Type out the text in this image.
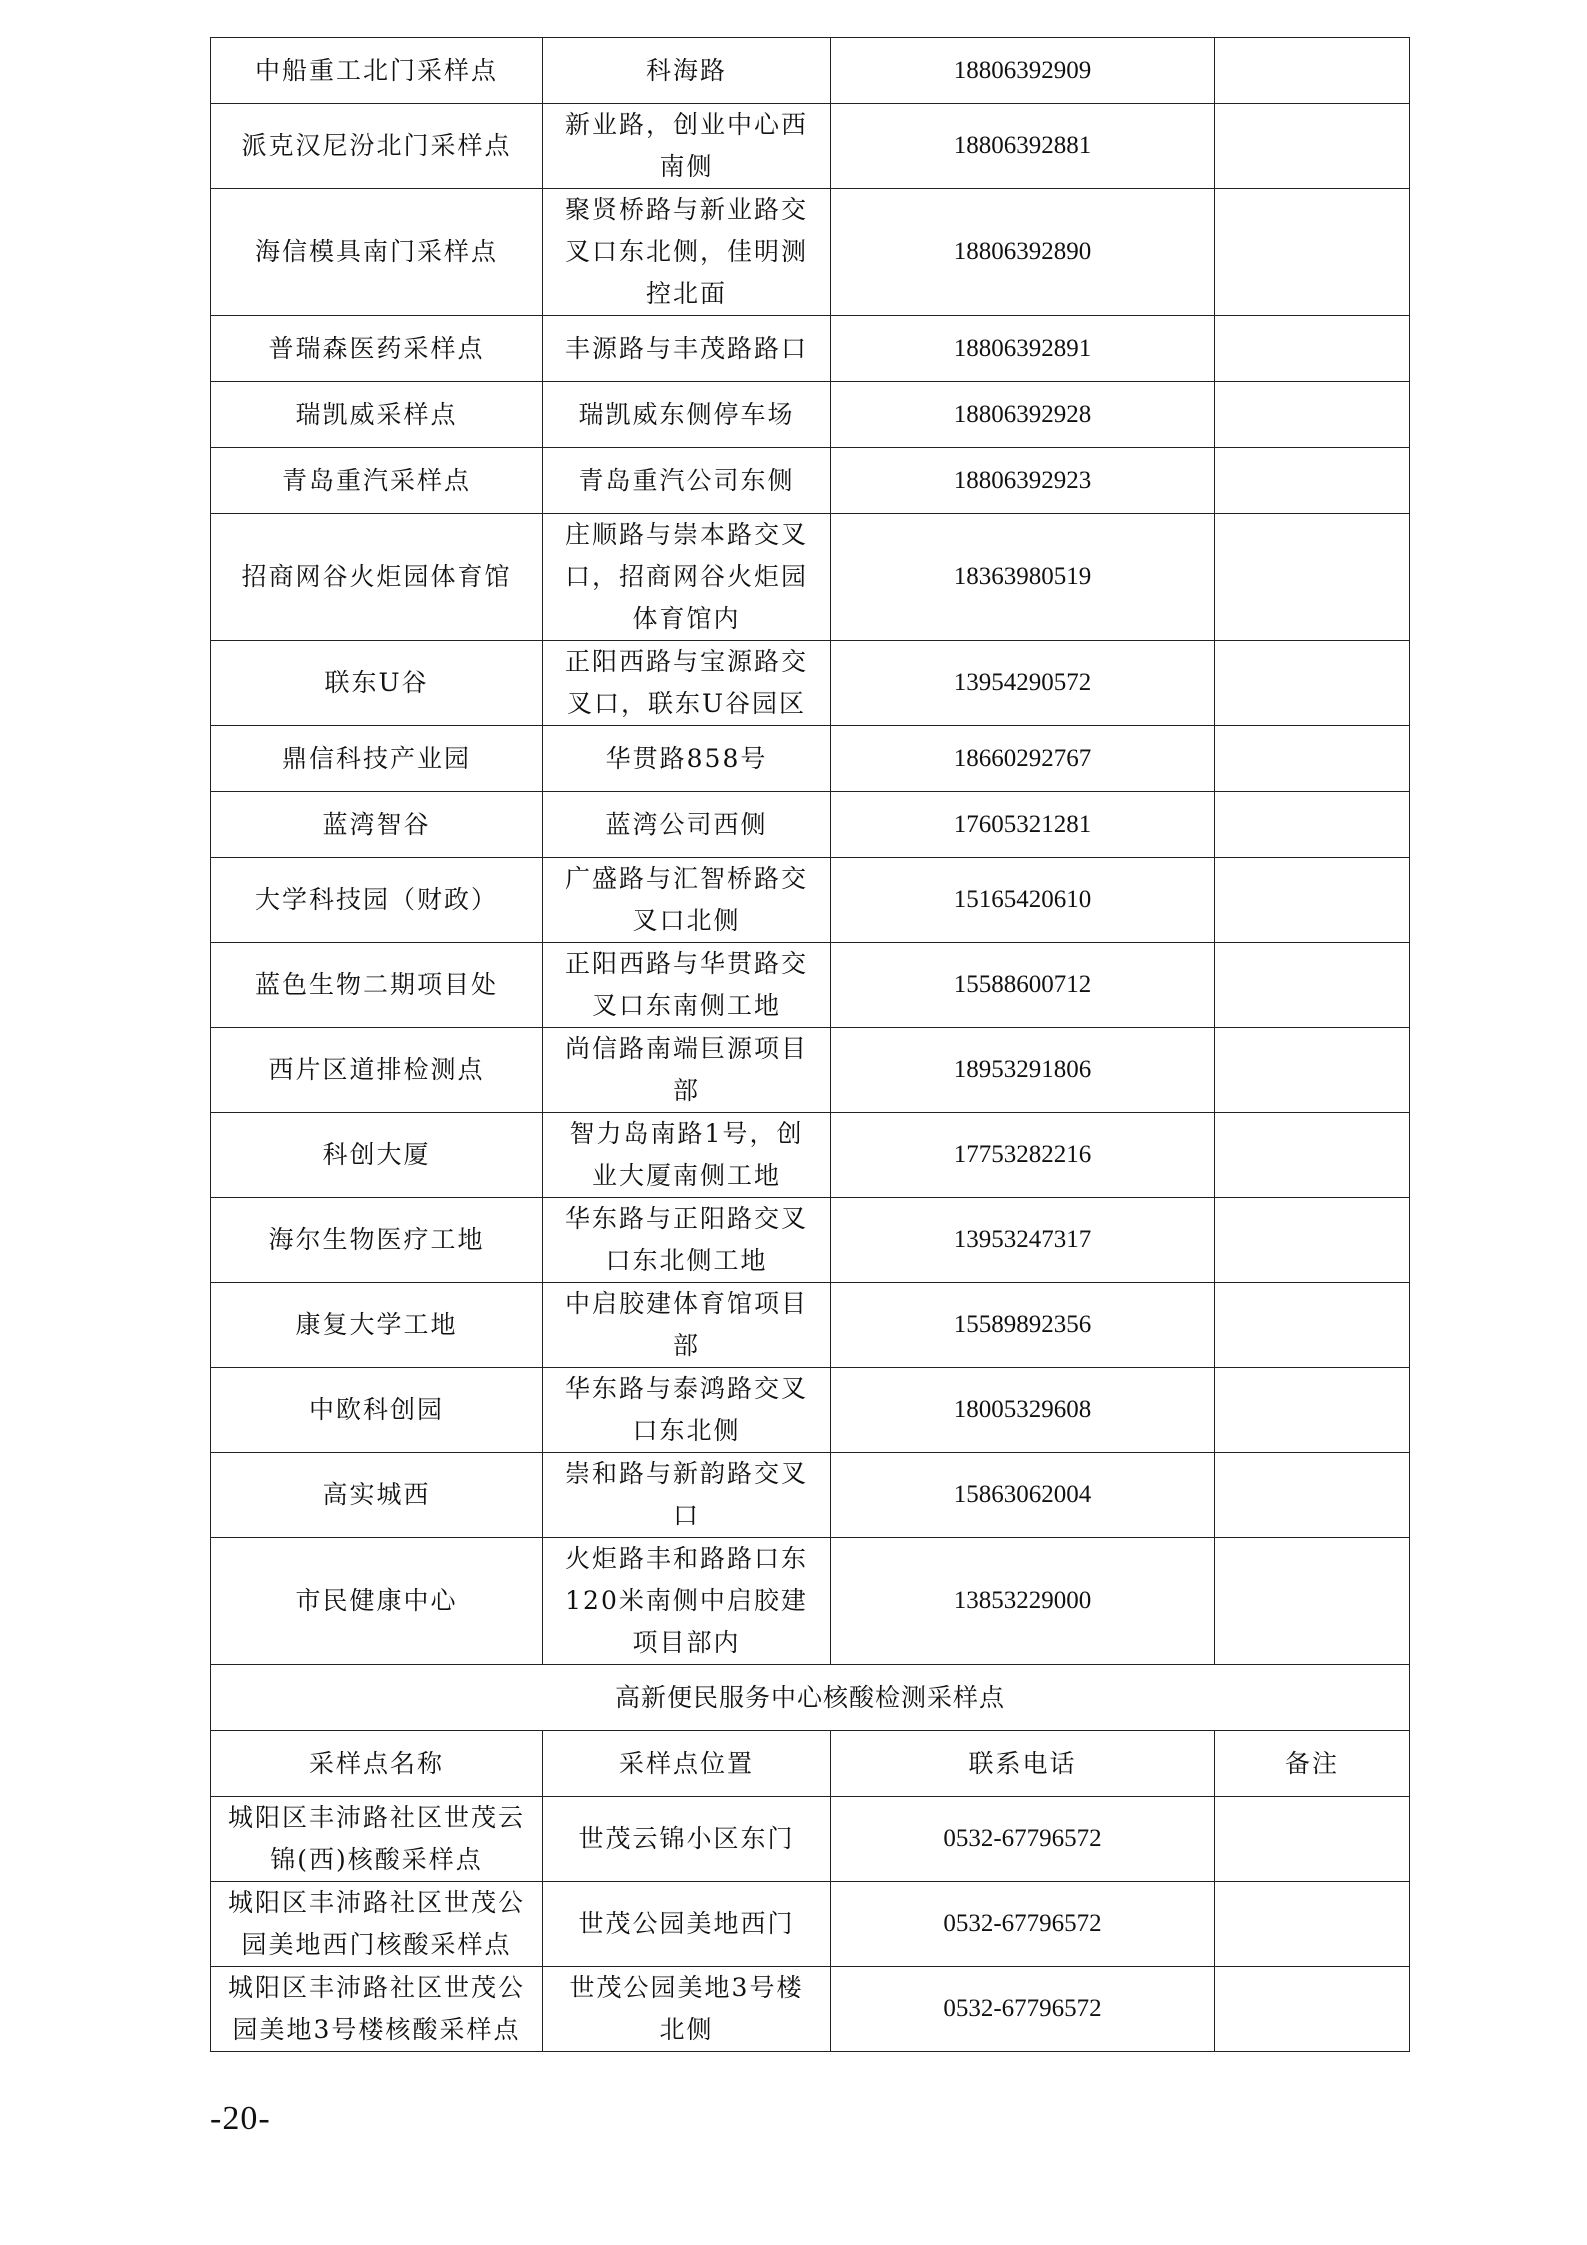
中船重工北门采样点	科海路	18806392909	
派克汉尼汾北门采样点	新业路，创业中心西南侧	18806392881	
海信模具南门采样点	聚贤桥路与新业路交叉口东北侧，佳明测控北面	18806392890	
普瑞森医药采样点	丰源路与丰茂路路口	18806392891	
瑞凯威采样点	瑞凯威东侧停车场	18806392928	
青岛重汽采样点	青岛重汽公司东侧	18806392923	
招商网谷火炬园体育馆	庄顺路与崇本路交叉口，招商网谷火炬园体育馆内	18363980519	
联东U谷	正阳西路与宝源路交叉口，联东U谷园区	13954290572	
鼎信科技产业园	华贯路858号	18660292767	
蓝湾智谷	蓝湾公司西侧	17605321281	
大学科技园（财政）	广盛路与汇智桥路交叉口北侧	15165420610	
蓝色生物二期项目处	正阳西路与华贯路交叉口东南侧工地	15588600712	
西片区道排检测点	尚信路南端巨源项目部	18953291806	
科创大厦	智力岛南路1号，创业大厦南侧工地	17753282216	
海尔生物医疗工地	华东路与正阳路交叉口东北侧工地	13953247317	
康复大学工地	中启胶建体育馆项目部	15589892356	
中欧科创园	华东路与泰鸿路交叉口东北侧	18005329608	
高实城西	崇和路与新韵路交叉口	15863062004	
市民健康中心	火炬路丰和路路口东120米南侧中启胶建项目部内	13853229000	
高新便民服务中心核酸检测采样点			
采样点名称	采样点位置	联系电话	备注
城阳区丰沛路社区世茂云锦(西)核酸采样点	世茂云锦小区东门	0532-67796572	
城阳区丰沛路社区世茂公园美地西门核酸采样点	世茂公园美地西门	0532-67796572	
城阳区丰沛路社区世茂公园美地3号楼核酸采样点	世茂公园美地3号楼北侧	0532-67796572	
-20-
